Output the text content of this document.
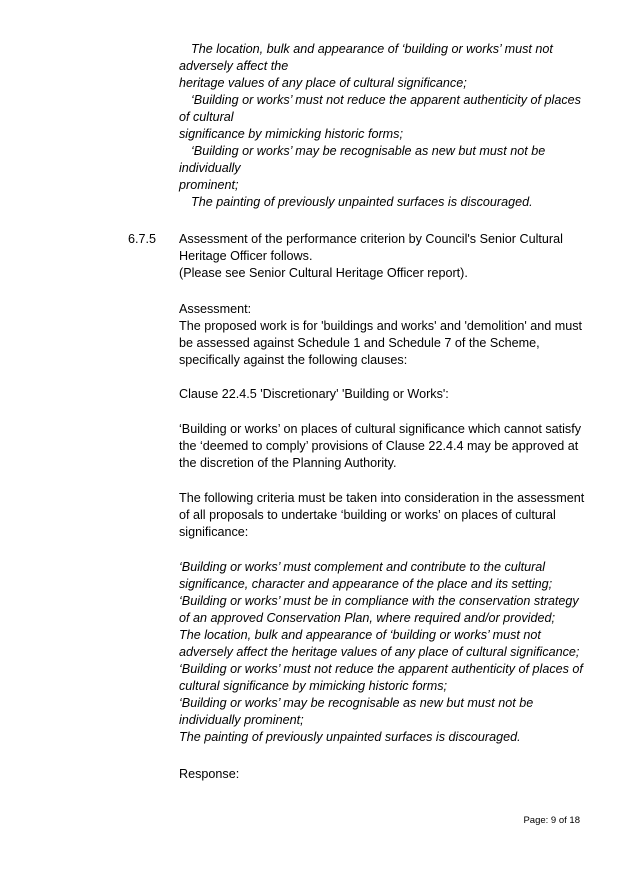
The location, bulk and appearance of ‘building or works’ must not
adversely affect the
heritage values of any place of cultural significance;
‘Building or works’ must not reduce the apparent authenticity of places
of cultural
significance by mimicking historic forms;
‘Building or works’ may be recognisable as new but must not be
individually
prominent;
The painting of previously unpainted surfaces is discouraged.
6.7.5 Assessment of the performance criterion by Council's Senior Cultural
Heritage Officer follows.
(Please see Senior Cultural Heritage Officer report).
Assessment:
The proposed work is for 'buildings and works' and 'demolition' and must
be assessed against Schedule 1 and Schedule 7 of the Scheme,
specifically against the following clauses:
Clause 22.4.5 'Discretionary' 'Building or Works':
‘Building or works’ on places of cultural significance which cannot satisfy
the ‘deemed to comply’ provisions of Clause 22.4.4 may be approved at
the discretion of the Planning Authority.
The following criteria must be taken into consideration in the assessment
of all proposals to undertake ‘building or works’ on places of cultural
significance:
‘Building or works’ must complement and contribute to the cultural
significance, character and appearance of the place and its setting;
‘Building or works’ must be in compliance with the conservation strategy
of an approved Conservation Plan, where required and/or provided;
The location, bulk and appearance of ‘building or works’ must not
adversely affect the heritage values of any place of cultural significance;
‘Building or works’ must not reduce the apparent authenticity of places of
cultural significance by mimicking historic forms;
‘Building or works’ may be recognisable as new but must not be
individually prominent;
The painting of previously unpainted surfaces is discouraged.
Response:
Page: 9 of 18
